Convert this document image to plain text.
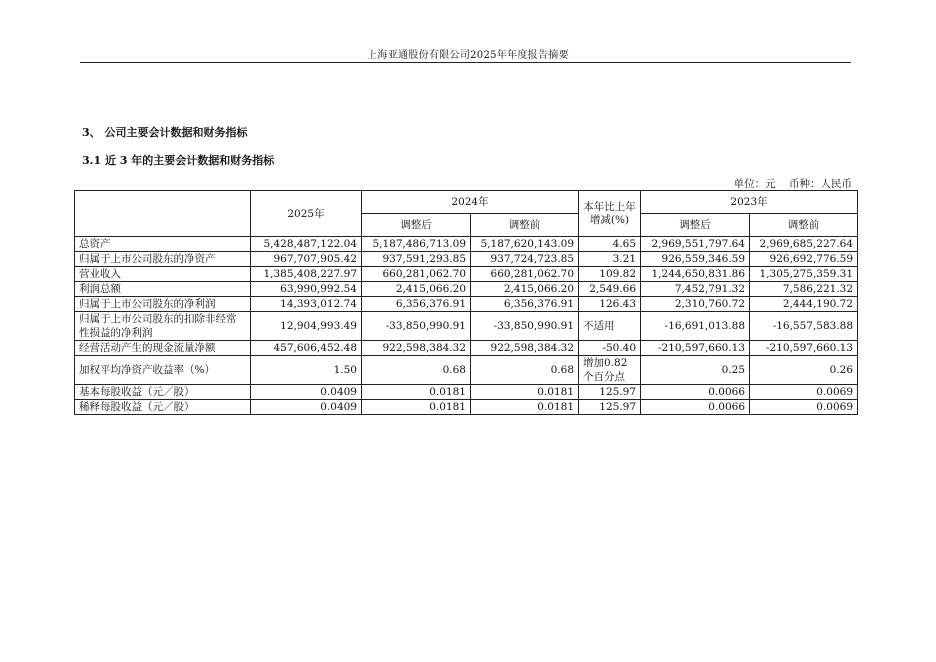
上海亚通股份有限公司2025年年度报告摘要
3、 公司主要会计数据和财务指标
3.1 近 3 年的主要会计数据和财务指标
单位：元    币种：人民币
	2025年	2024年		本年比上年增减(%)	2023年	
		调整后	调整前		调整后	调整前
总资产	5,428,487,122.04	5,187,486,713.09	5,187,620,143.09	4.65	2,969,551,797.64	2,969,685,227.64
归属于上市公司股东的净资产	967,707,905.42	937,591,293.85	937,724,723.85	3.21	926,559,346.59	926,692,776.59
营业收入	1,385,408,227.97	660,281,062.70	660,281,062.70	109.82	1,244,650,831.86	1,305,275,359.31
利润总额	63,990,992.54	2,415,066.20	2,415,066.20	2,549.66	7,452,791.32	7,586,221.32
归属于上市公司股东的净利润	14,393,012.74	6,356,376.91	6,356,376.91	126.43	2,310,760.72	2,444,190.72
归属于上市公司股东的扣除非经常性损益的净利润	12,904,993.49	-33,850,990.91	-33,850,990.91	不适用	-16,691,013.88	-16,557,583.88
经营活动产生的现金流量净额	457,606,452.48	922,598,384.32	922,598,384.32	-50.40	-210,597,660.13	-210,597,660.13
加权平均净资产收益率（%）	1.50	0.68	0.68	增加0.82个百分点	0.25	0.26
基本每股收益（元／股）	0.0409	0.0181	0.0181	125.97	0.0066	0.0069
稀释每股收益（元／股）	0.0409	0.0181	0.0181	125.97	0.0066	0.0069
